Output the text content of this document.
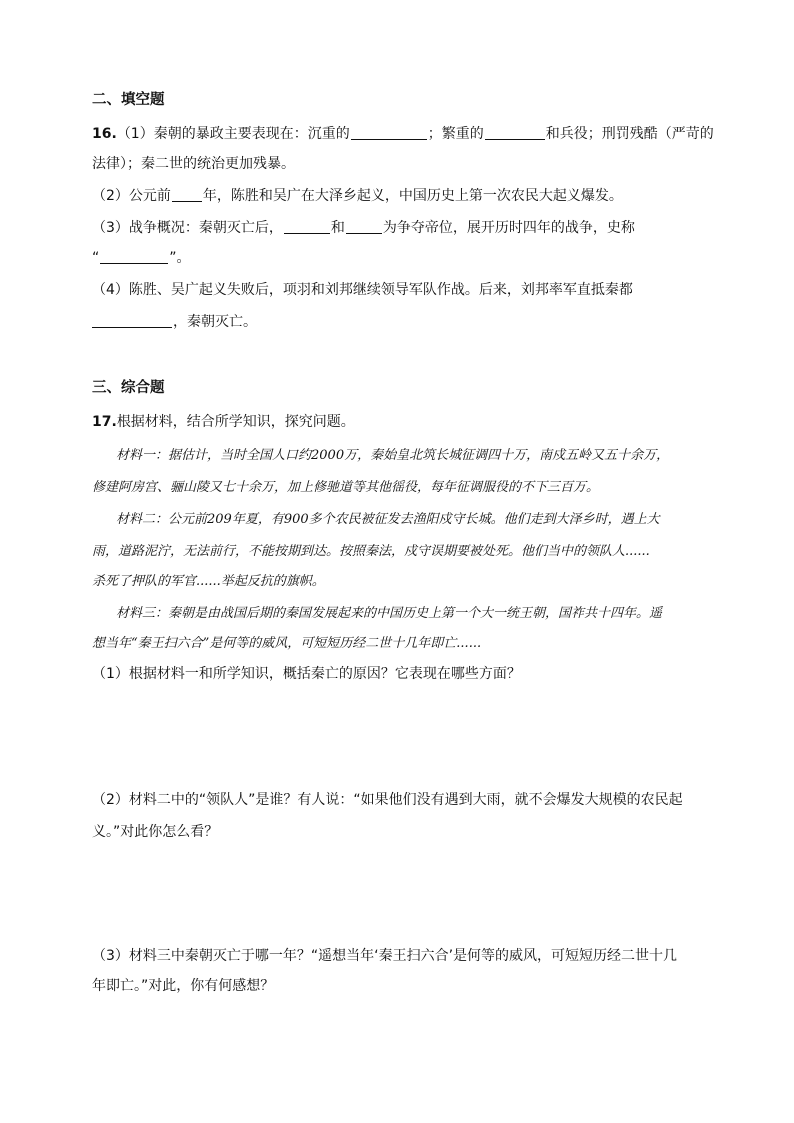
二、填空题
16.（1）秦朝的暴政主要表现在：沉重的	；繁重的	和兵役；刑罚残酷（严苛的
法律）；秦二世的统治更加残暴。
（2）公元前 年，陈胜和吴广在大泽乡起义，中国历史上第一次农民大起义爆发。
（3）战争概况：秦朝灭亡后，	和	为争夺帝位，展开历时四年的战争，史称
“	”。
（4）陈胜、吴广起义失败后，项羽和刘邦继续领导军队作战。后来，刘邦率军直抵秦都
，秦朝灭亡。
三、综合题
17.根据材料，结合所学知识，探究问题。
材料一：据估计，当时全国人口约2000万，秦始皇北筑长城征调四十万，南戍五岭又五十余万，
修建阿房宫、骊山陵又七十余万，加上修驰道等其他徭役，每年征调服役的不下三百万。
材料二：公元前209年夏，有900多个农民被征发去渔阳戍守长城。他们走到大泽乡时，遇上大
雨，道路泥泞，无法前行，不能按期到达。按照秦法，戍守误期要被处死。他们当中的领队人......
杀死了押队的军官......举起反抗的旗帜。
材料三：秦朝是由战国后期的秦国发展起来的中国历史上第一个大一统王朝，国祚共十四年。遥
想当年“秦王扫六合”是何等的威风，可短短历经二世十几年即亡......
（1）根据材料一和所学知识，概括秦亡的原因？它表现在哪些方面？
（2）材料二中的“领队人”是谁？有人说：“如果他们没有遇到大雨，就不会爆发大规模的农民起
义。”对此你怎么看？
（3）材料三中秦朝灭亡于哪一年？“遥想当年‘秦王扫六合’是何等的威风，可短短历经二世十几
年即亡。”对此，你有何感想？
